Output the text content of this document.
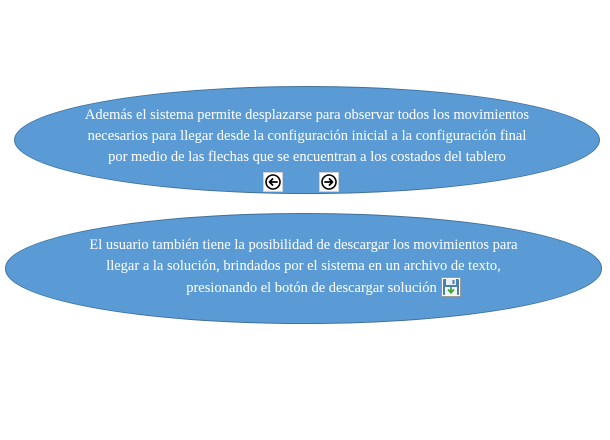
Además el sistema permite desplazarse para observar todos los movimientos
necesarios para llegar desde la configuración inicial a la configuración final
por medio de las flechas que se encuentran a los costados del tablero
El usuario también tiene la posibilidad de descargar los movimientos para
llegar a la solución, brindados por el sistema en un archivo de texto,
presionando el botón de descargar solución
